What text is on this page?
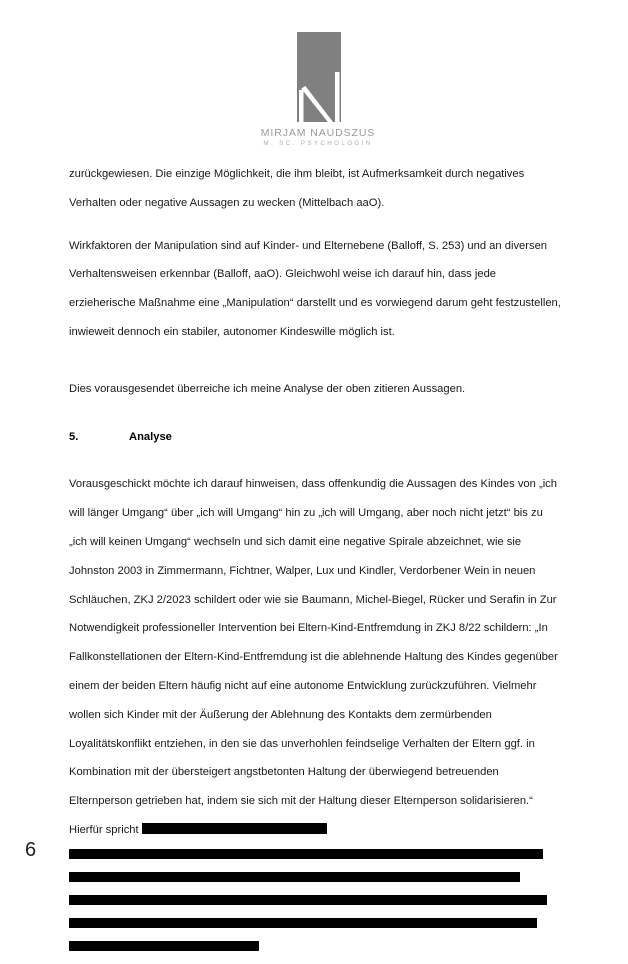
MIRJAM NAUDSZUS
M. SC. PSYCHOLOGIN

zurückgewiesen. Die einzige Möglichkeit, die ihm bleibt, ist Aufmerksamkeit durch negatives Verhalten oder negative Aussagen zu wecken (Mittelbach aaO).

Wirkfaktoren der Manipulation sind auf Kinder- und Elternebene (Balloff, S. 253) und an diversen Verhaltensweisen erkennbar (Balloff, aaO). Gleichwohl weise ich darauf hin, dass jede erzieherische Maßnahme eine „Manipulation“ darstellt und es vorwiegend darum geht festzustellen, inwieweit dennoch ein stabiler, autonomer Kindeswille möglich ist.

Dies vorausgesendet überreiche ich meine Analyse der oben zitieren Aussagen.

5.	Analyse

Vorausgeschickt möchte ich darauf hinweisen, dass offenkundig die Aussagen des Kindes von „ich will länger Umgang“ über „ich will Umgang“ hin zu „ich will Umgang, aber noch nicht jetzt“ bis zu „ich will keinen Umgang“ wechseln und sich damit eine negative Spirale abzeichnet, wie sie Johnston 2003 in Zimmermann, Fichtner, Walper, Lux und Kindler, Verdorbener Wein in neuen Schläuchen, ZKJ 2/2023 schildert oder wie sie Baumann, Michel-Biegel, Rücker und Serafin in Zur Notwendigkeit professioneller Intervention bei Eltern-Kind-Entfremdung in ZKJ 8/22 schildern: „In Fallkonstellationen der Eltern-Kind-Entfremdung ist die ablehnende Haltung des Kindes gegenüber einem der beiden Eltern häufig nicht auf eine autonome Entwicklung zurückzuführen. Vielmehr wollen sich Kinder mit der Äußerung der Ablehnung des Kontakts dem zermürbenden Loyalitätskonflikt entziehen, in den sie das unverhohlen feindselige Verhalten der Eltern ggf. in Kombination mit der übersteigert angstbetonten Haltung der überwiegend betreuenden Elternperson getrieben hat, indem sie sich mit der Haltung dieser Elternperson solidarisieren.“ Hierfür spricht

6
